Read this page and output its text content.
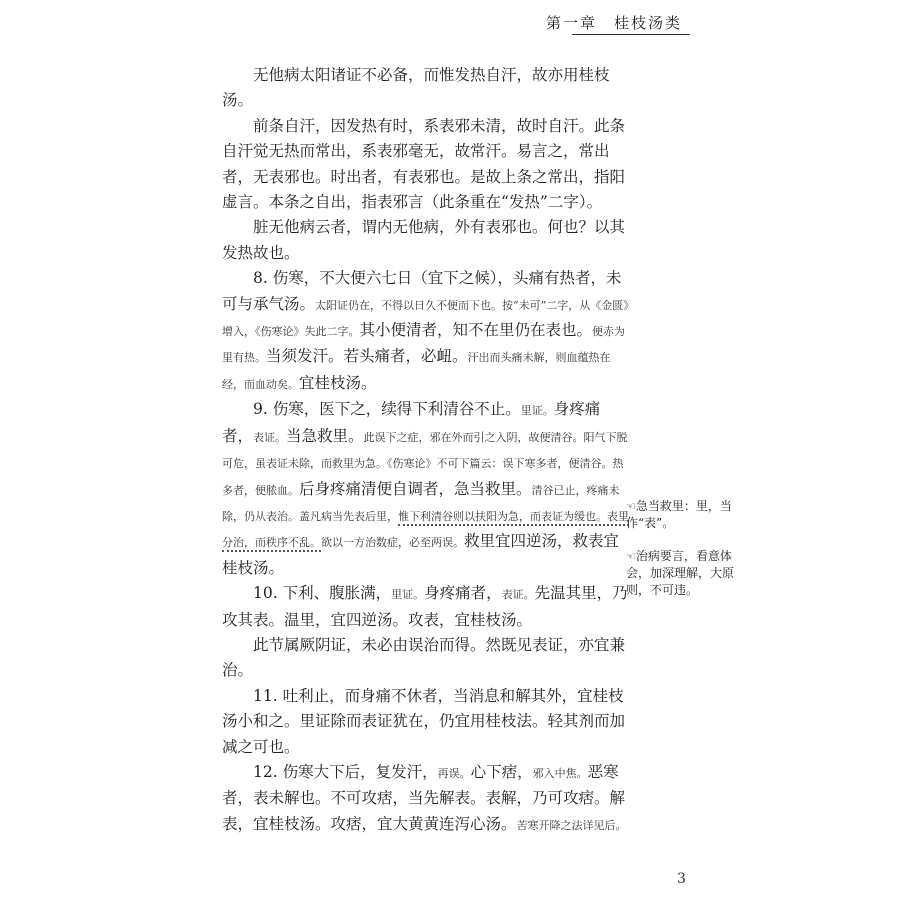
第一章　桂枝汤类

无他病太阳诸证不必备，而惟发热自汗，故亦用桂枝汤。

前条自汗，因发热有时，系表邪未清，故时自汗。此条自汗觉无热而常出，系表邪毫无，故常汗。易言之，常出者，无表邪也。时出者，有表邪也。是故上条之常出，指阳虚言。本条之自出，指表邪言（此条重在“发热”二字）。

脏无他病云者，谓内无他病，外有表邪也。何也？以其发热故也。

8. 伤寒，不大便六七日（宜下之候），头痛有热者，未可与承气汤。太阳证仍在，不得以日久不便而下也。按“未可”二字，从《金匮》增入，《伤寒论》失此二字。其小便清者，知不在里仍在表也。便赤为里有热。当须发汗。若头痛者，必衄。汗出而头痛未解，则血蕴热在经，而血动矣。宜桂枝汤。

9. 伤寒，医下之，续得下利清谷不止。里证。身疼痛者，表证。当急救里。此误下之症，邪在外而引之入阴，故便清谷。阳气下脱可危，虽表证未除，而救里为急。《伤寒论》不可下篇云：误下寒多者，便清谷。热多者，便脓血。后身疼痛清便自调者，急当救里。清谷已止，疼痛未除，仍从表治。盖凡病当先表后里，惟下利清谷则以扶阳为急，而表证为缓也。表里分治，而秩序不乱。欲以一方治数症，必至两误。救里宜四逆汤，救表宜桂枝汤。

10. 下利、腹胀满，里证。身疼痛者，表证。先温其里，乃攻其表。温里，宜四逆汤。攻表，宜桂枝汤。

此节属厥阴证，未必由误治而得。然既见表证，亦宜兼治。

11. 吐利止，而身痛不休者，当消息和解其外，宜桂枝汤小和之。里证除而表证犹在，仍宜用桂枝法。轻其剂而加减之可也。

12. 伤寒大下后，复发汗，再误。心下痞，邪入中焦。恶寒者，表未解也。不可攻痞，当先解表。表解，乃可攻痞。解表，宜桂枝汤。攻痞，宜大黄黄连泻心汤。苦寒开降之法详见后。

☜急当救里：里，当作“表”。
☜治病要言，看意体会，加深理解，大原则，不可违。
3
